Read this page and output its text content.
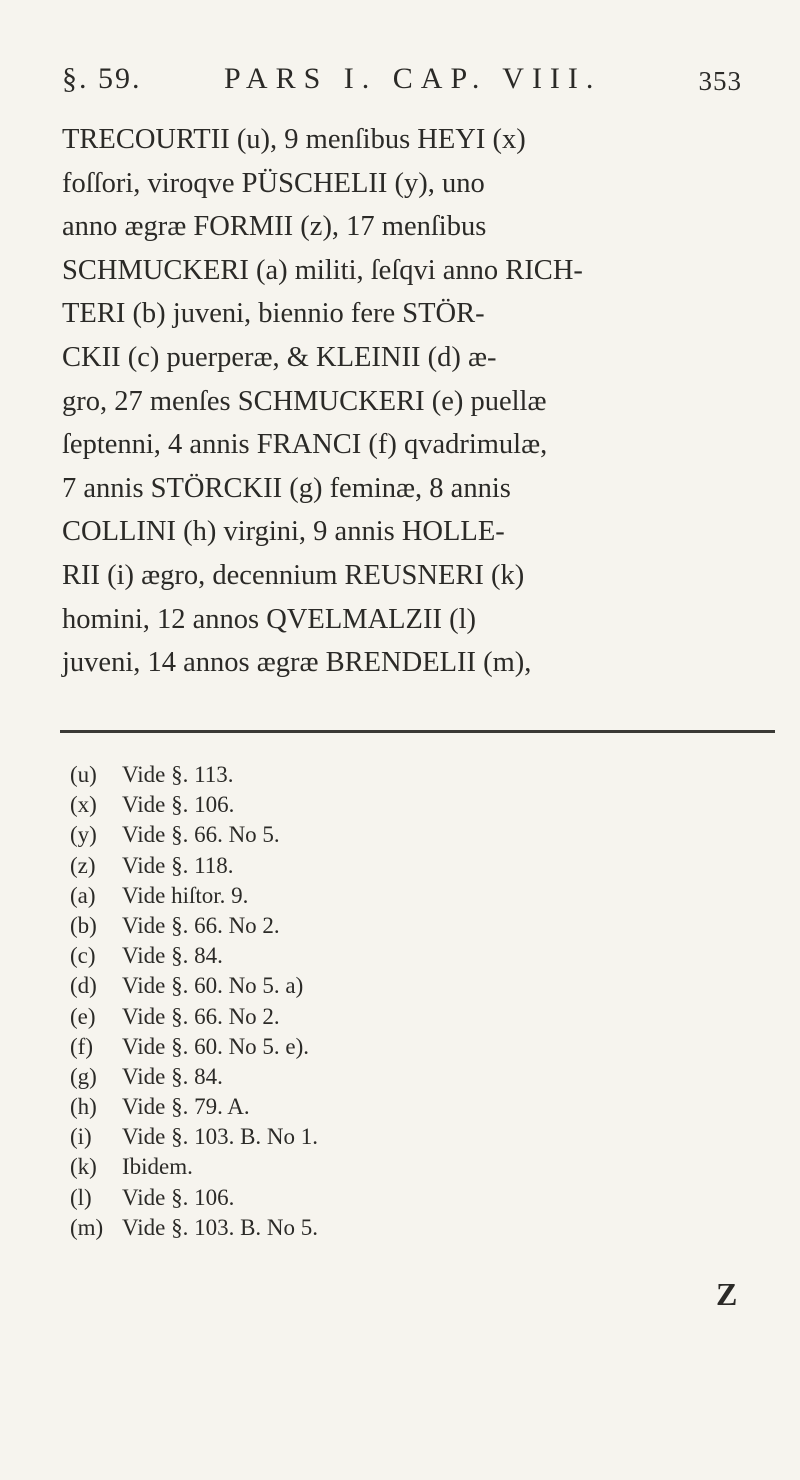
§. 59.	PARS I. CAP. VIII.	353
TRECOURTII (u), 9 menſibus HEYI (x)
foſſori, viroqve PÜSCHELII (y), uno
anno ægræ FORMII (z), 17 menſibus
SCHMUCKERI (a) militi, ſeſqvi anno RICH-
TERI (b) juveni, biennio fere STÖR-
CKII (c) puerperæ, & KLEINII (d) æ-
gro, 27 menſes SCHMUCKERI (e) puellæ
ſeptenni, 4 annis FRANCI (f) qvadrimulæ,
7 annis STÖRCKII (g) feminæ, 8 annis
COLLINI (h) virgini, 9 annis HOLLE-
RII (i) ægro, decennium REUSNERI (k)
homini, 12 annos QVELMALZII (l)
juveni, 14 annos ægræ BRENDELII (m),
(u) Vide §. 113.
(x) Vide §. 106.
(y) Vide §. 66. No 5.
(z) Vide §. 118.
(a) Vide hiſtor. 9.
(b) Vide §. 66. No 2.
(c) Vide §. 84.
(d) Vide §. 60. No 5. a)
(e) Vide §. 66. No 2.
(f) Vide §. 60. No 5. e).
(g) Vide §. 84.
(h) Vide §. 79. A.
(i) Vide §. 103. B. No 1.
(k) Ibidem.
(l) Vide §. 106.
(m) Vide §. 103. B. No 5.
Z
